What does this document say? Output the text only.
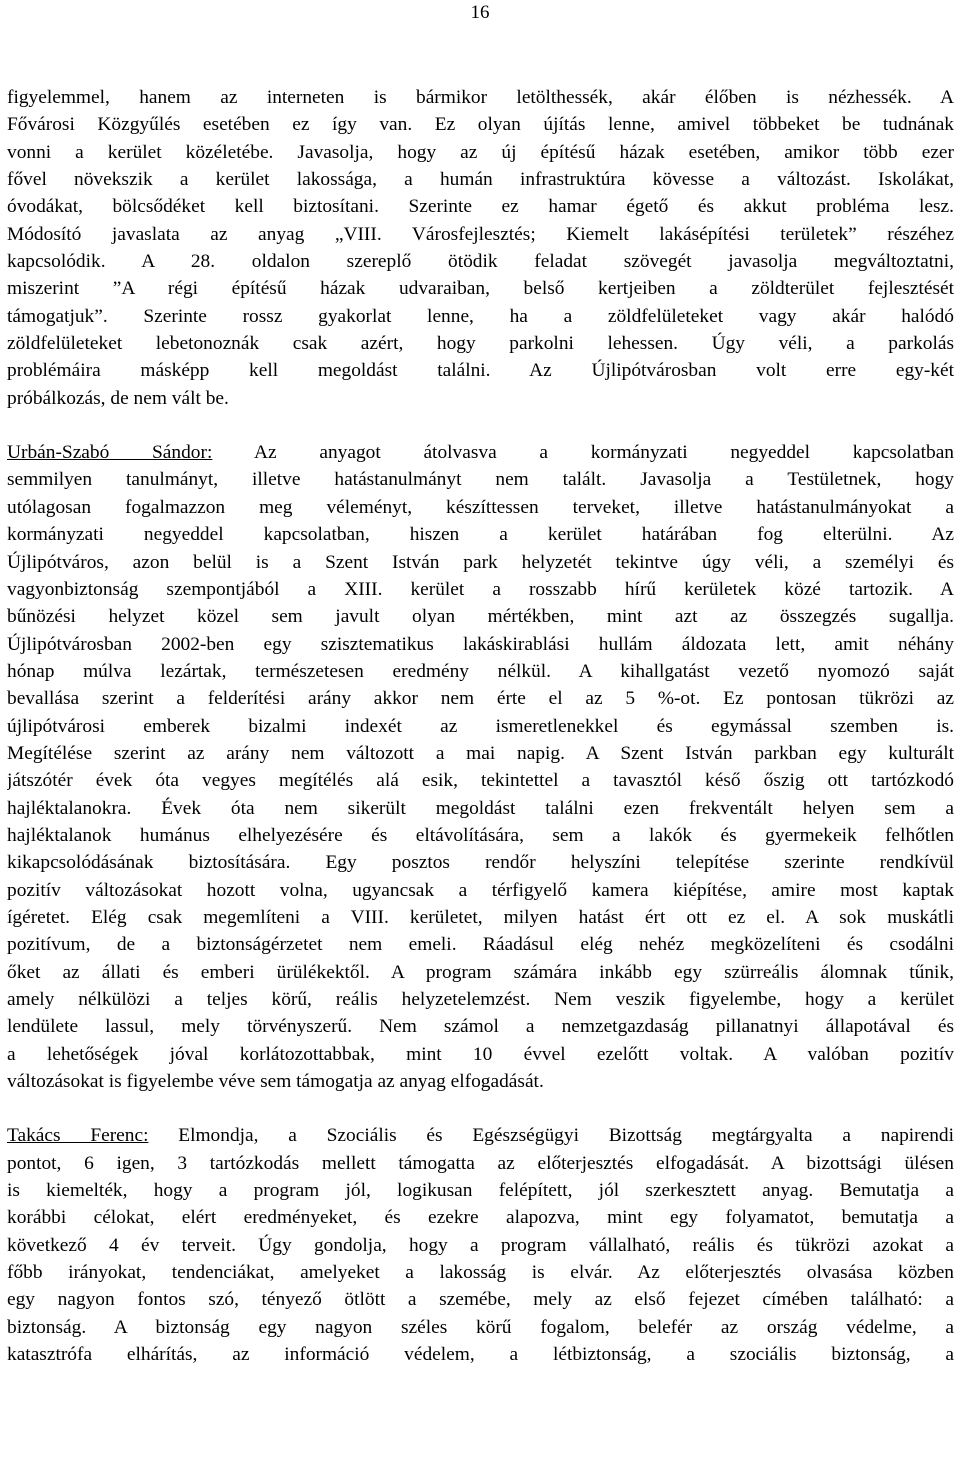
16
figyelemmel, hanem az interneten is bármikor letölthessék, akár élőben is nézhessék. A
Fővárosi Közgyűlés esetében ez így van. Ez olyan újítás lenne, amivel többeket be tudnának
vonni a kerület közéletébe. Javasolja, hogy az új építésű házak esetében, amikor több ezer
fővel növekszik a kerület lakossága, a humán infrastruktúra kövesse a változást. Iskolákat,
óvodákat, bölcsődéket kell biztosítani. Szerinte ez hamar égető és akkut probléma lesz.
Módosító javaslata az anyag „VIII. Városfejlesztés; Kiemelt lakásépítési területek” részéhez
kapcsolódik. A 28. oldalon szereplő ötödik feladat szövegét javasolja megváltoztatni,
miszerint ”A régi építésű házak udvaraiban, belső kertjeiben a zöldterület fejlesztését
támogatjuk”. Szerinte rossz gyakorlat lenne, ha a zöldfelületeket vagy akár halódó
zöldfelületeket lebetonoznák csak azért, hogy parkolni lehessen. Úgy véli, a parkolás
problémáira másképp kell megoldást találni. Az Újlipótvárosban volt erre egy-két
próbálkozás, de nem vált be.
Urbán-Szabó Sándor: Az anyagot átolvasva a kormányzati negyeddel kapcsolatban
semmilyen tanulmányt, illetve hatástanulmányt nem talált. Javasolja a Testületnek, hogy
utólagosan fogalmazzon meg véleményt, készíttessen terveket, illetve hatástanulmányokat a
kormányzati negyeddel kapcsolatban, hiszen a kerület határában fog elterülni. Az
Újlipótváros, azon belül is a Szent István park helyzetét tekintve úgy véli, a személyi és
vagyonbiztonság szempontjából a XIII. kerület a rosszabb hírű kerületek közé tartozik. A
bűnözési helyzet közel sem javult olyan mértékben, mint azt az összegzés sugallja.
Újlipótvárosban 2002-ben egy szisztematikus lakáskirablási hullám áldozata lett, amit néhány
hónap múlva lezártak, természetesen eredmény nélkül. A kihallgatást vezető nyomozó saját
bevallása szerint a felderítési arány akkor nem érte el az 5 %-ot. Ez pontosan tükrözi az
újlipótvárosi emberek bizalmi indexét az ismeretlenekkel és egymással szemben is.
Megítélése szerint az arány nem változott a mai napig. A Szent István parkban egy kulturált
játszótér évek óta vegyes megítélés alá esik, tekintettel a tavasztól késő őszig ott tartózkodó
hajléktalanokra. Évek óta nem sikerült megoldást találni ezen frekventált helyen sem a
hajléktalanok humánus elhelyezésére és eltávolítására, sem a lakók és gyermekeik felhőtlen
kikapcsolódásának biztosítására. Egy posztos rendőr helyszíni telepítése szerinte rendkívül
pozitív változásokat hozott volna, ugyancsak a térfigyelő kamera kiépítése, amire most kaptak
ígéretet. Elég csak megemlíteni a VIII. kerületet, milyen hatást ért ott ez el. A sok muskátli
pozitívum, de a biztonságérzetet nem emeli. Ráadásul elég nehéz megközelíteni és csodálni
őket az állati és emberi ürülékektől. A program számára inkább egy szürreális álomnak tűnik,
amely nélkülözi a teljes körű, reális helyzetelemzést. Nem veszik figyelembe, hogy a kerület
lendülete lassul, mely törvényszerű. Nem számol a nemzetgazdaság pillanatnyi állapotával és
a lehetőségek jóval korlátozottabbak, mint 10 évvel ezelőtt voltak. A valóban pozitív
változásokat is figyelembe véve sem támogatja az anyag elfogadását.
Takács Ferenc: Elmondja, a Szociális és Egészségügyi Bizottság megtárgyalta a napirendi
pontot, 6 igen, 3 tartózkodás mellett támogatta az előterjesztés elfogadását. A bizottsági ülésen
is kiemelték, hogy a program jól, logikusan felépített, jól szerkesztett anyag. Bemutatja a
korábbi célokat, elért eredményeket, és ezekre alapozva, mint egy folyamatot, bemutatja a
következő 4 év terveit. Úgy gondolja, hogy a program vállalható, reális és tükrözi azokat a
főbb irányokat, tendenciákat, amelyeket a lakosság is elvár. Az előterjesztés olvasása közben
egy nagyon fontos szó, tényező ötlött a szemébe, mely az első fejezet címében található: a
biztonság. A biztonság egy nagyon széles körű fogalom, belefér az ország védelme, a
katasztrófa elhárítás, az információ védelem, a létbiztonság, a szociális biztonság, a
